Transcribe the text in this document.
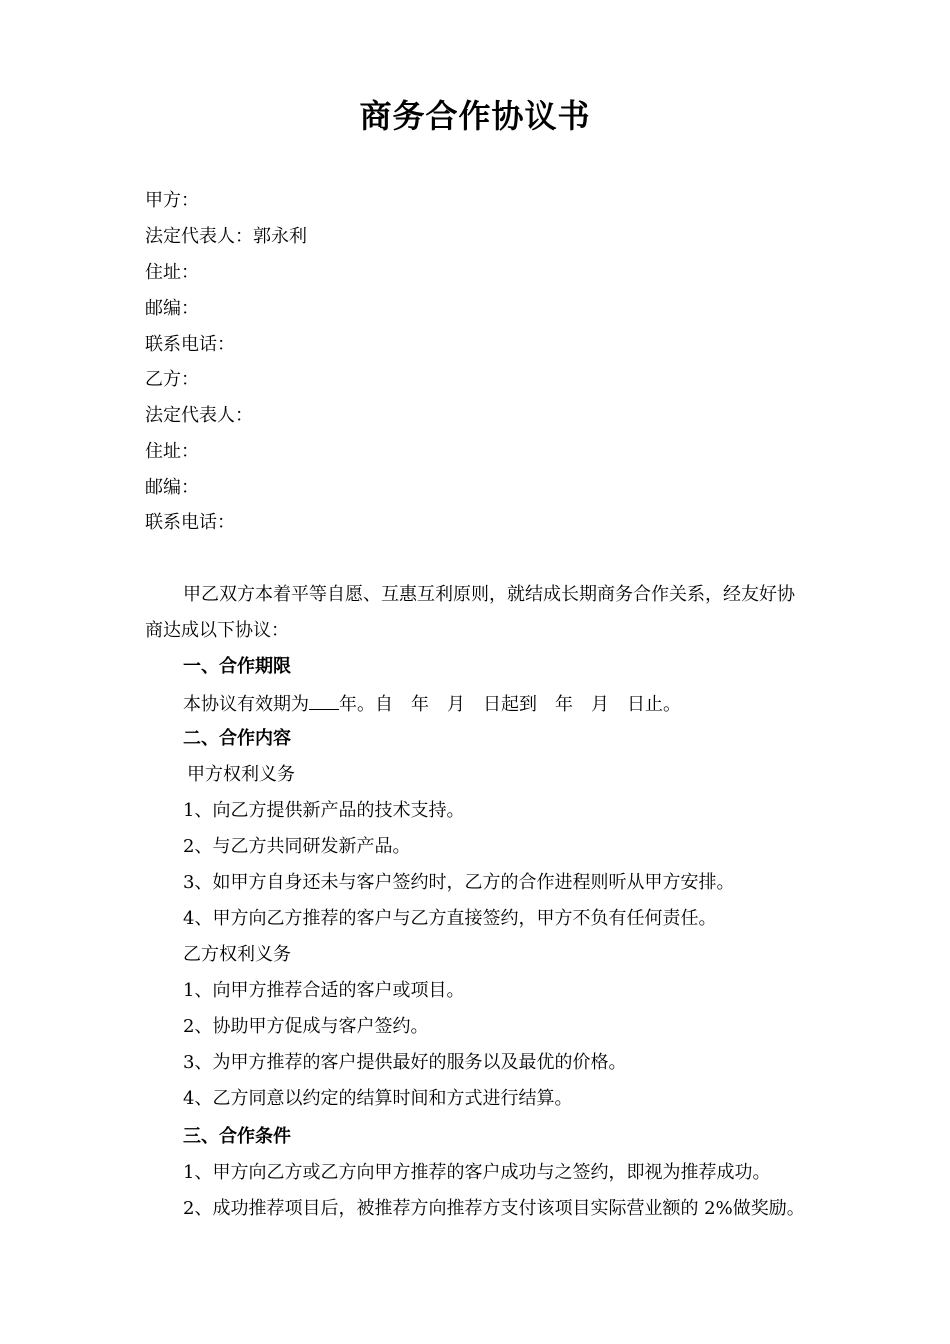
商务合作协议书
甲方：
法定代表人：郭永利
住址：
邮编：
联系电话：
乙方：
法定代表人：
住址：
邮编：
联系电话：
甲乙双方本着平等自愿、互惠互利原则，就结成长期商务合作关系，经友好协
商达成以下协议：
一、合作期限
本协议有效期为 年。自 年 月 日起到 年 月 日止。
二、合作内容
甲方权利义务
1、向乙方提供新产品的技术支持。
2、与乙方共同研发新产品。
3、如甲方自身还未与客户签约时，乙方的合作进程则听从甲方安排。
4、甲方向乙方推荐的客户与乙方直接签约，甲方不负有任何责任。
乙方权利义务
1、向甲方推荐合适的客户或项目。
2、协助甲方促成与客户签约。
3、为甲方推荐的客户提供最好的服务以及最优的价格。
4、乙方同意以约定的结算时间和方式进行结算。
三、合作条件
1、甲方向乙方或乙方向甲方推荐的客户成功与之签约，即视为推荐成功。
2、成功推荐项目后，被推荐方向推荐方支付该项目实际营业额的 2%做奖励。
